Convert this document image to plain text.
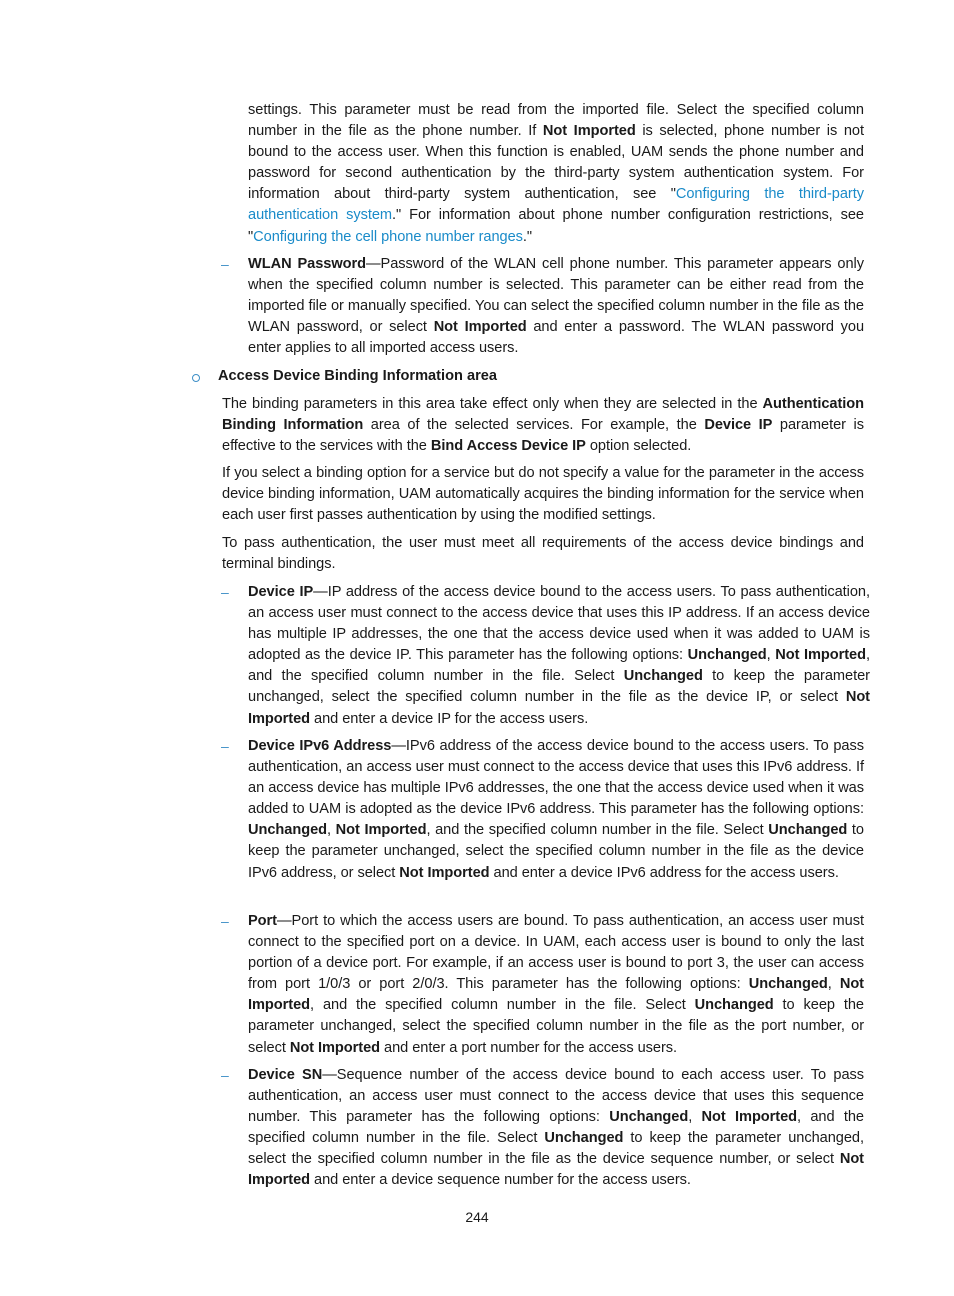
settings. This parameter must be read from the imported file. Select the specified column number in the file as the phone number. If Not Imported is selected, phone number is not bound to the access user. When this function is enabled, UAM sends the phone number and password for second authentication by the third-party system authentication system. For information about third-party system authentication, see "Configuring the third-party authentication system." For information about phone number configuration restrictions, see "Configuring the cell phone number ranges."

– WLAN Password—Password of the WLAN cell phone number. This parameter appears only when the specified column number is selected. This parameter can be either read from the imported file or manually specified. You can select the specified column number in the file as the WLAN password, or select Not Imported and enter a password. The WLAN password you enter applies to all imported access users.

Access Device Binding Information area

The binding parameters in this area take effect only when they are selected in the Authentication Binding Information area of the selected services. For example, the Device IP parameter is effective to the services with the Bind Access Device IP option selected.

If you select a binding option for a service but do not specify a value for the parameter in the access device binding information, UAM automatically acquires the binding information for the service when each user first passes authentication by using the modified settings.

To pass authentication, the user must meet all requirements of the access device bindings and terminal bindings.

– Device IP—IP address of the access device bound to the access users. To pass authentication, an access user must connect to the access device that uses this IP address. If an access device has multiple IP addresses, the one that the access device used when it was added to UAM is adopted as the device IP. This parameter has the following options: Unchanged, Not Imported, and the specified column number in the file. Select Unchanged to keep the parameter unchanged, select the specified column number in the file as the device IP, or select Not Imported and enter a device IP for the access users.

– Device IPv6 Address—IPv6 address of the access device bound to the access users. To pass authentication, an access user must connect to the access device that uses this IPv6 address. If an access device has multiple IPv6 addresses, the one that the access device used when it was added to UAM is adopted as the device IPv6 address. This parameter has the following options: Unchanged, Not Imported, and the specified column number in the file. Select Unchanged to keep the parameter unchanged, select the specified column number in the file as the device IPv6 address, or select Not Imported and enter a device IPv6 address for the access users.

– Port—Port to which the access users are bound. To pass authentication, an access user must connect to the specified port on a device. In UAM, each access user is bound to only the last portion of a device port. For example, if an access user is bound to port 3, the user can access from port 1/0/3 or port 2/0/3. This parameter has the following options: Unchanged, Not Imported, and the specified column number in the file. Select Unchanged to keep the parameter unchanged, select the specified column number in the file as the port number, or select Not Imported and enter a port number for the access users.

– Device SN—Sequence number of the access device bound to each access user. To pass authentication, an access user must connect to the access device that uses this sequence number. This parameter has the following options: Unchanged, Not Imported, and the specified column number in the file. Select Unchanged to keep the parameter unchanged, select the specified column number in the file as the device sequence number, or select Not Imported and enter a device sequence number for the access users.

244
